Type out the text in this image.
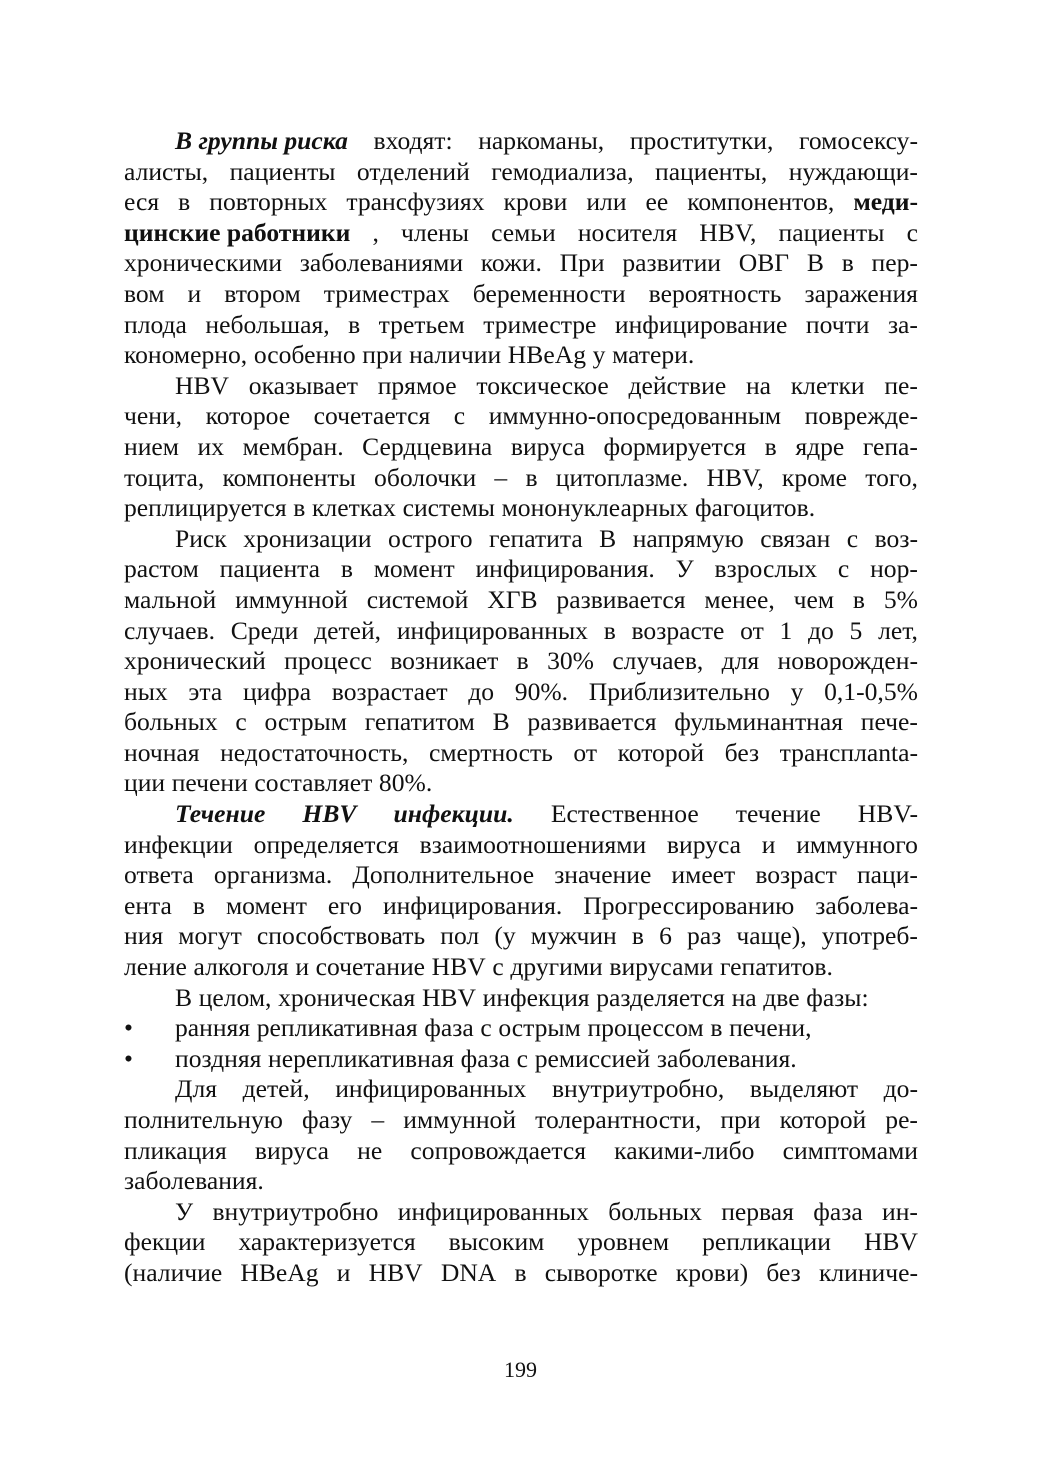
В группы риска входят: наркоманы, проститутки, гомосексу-
алисты, пациенты отделений гемодиализа, пациенты, нуждающи-
еся в повторных трансфузиях крови или ее компонентов, меди-
цинские работники , члены семьи носителя HBV, пациенты с
хроническими заболеваниями кожи. При развитии ОВГ В в пер-
вом и втором триместрах беременности вероятность заражения
плода небольшая, в третьем триместре инфицирование почти за-
кономерно, особенно при наличии HBeAg у матери.
HBV оказывает прямое токсическое действие на клетки пе-
чени, которое сочетается с иммунно-опосредованным поврежде-
нием их мембран. Сердцевина вируса формируется в ядре гепа-
тоцита, компоненты оболочки – в цитоплазме. HBV, кроме того,
реплицируется в клетках системы мононуклеарных фагоцитов.
Риск хронизации острого гепатита В напрямую связан с воз-
растом пациента в момент инфицирования. У взрослых с нор-
мальной иммунной системой ХГВ развивается менее, чем в 5%
случаев. Среди детей, инфицированных в возрасте от 1 до 5 лет,
хронический процесс возникает в 30% случаев, для новорожден-
ных эта цифра возрастает до 90%. Приблизительно у 0,1-0,5%
больных с острым гепатитом В развивается фульминантная пече-
ночная недостаточность, смертность от которой без трансплanta-
ции печени составляет 80%.
Течение HBV инфекции. Естественное течение HBV-
инфекции определяется взаимоотношениями вируса и иммунного
ответа организма. Дополнительное значение имеет возраст паци-
ента в момент его инфицирования. Прогрессированию заболева-
ния могут способствовать пол (у мужчин в 6 раз чаще), употреб-
ление алкоголя и сочетание HBV с другими вирусами гепатитов.
В целом, хроническая HBV инфекция разделяется на две фазы:
•	ранняя репликативная фаза с острым процессом в печени,
•	поздняя нерепликативная фаза с ремиссией заболевания.
Для детей, инфицированных внутриутробно, выделяют до-
полнительную фазу – иммунной толерантности, при которой ре-
пликация вируса не сопровождается какими-либо симптомами
заболевания.
У внутриутробно инфицированных больных первая фаза ин-
фекции характеризуется высоким уровнем репликации HBV
(наличие HBeAg и HBV DNA в сыворотке крови) без клиниче-
199
